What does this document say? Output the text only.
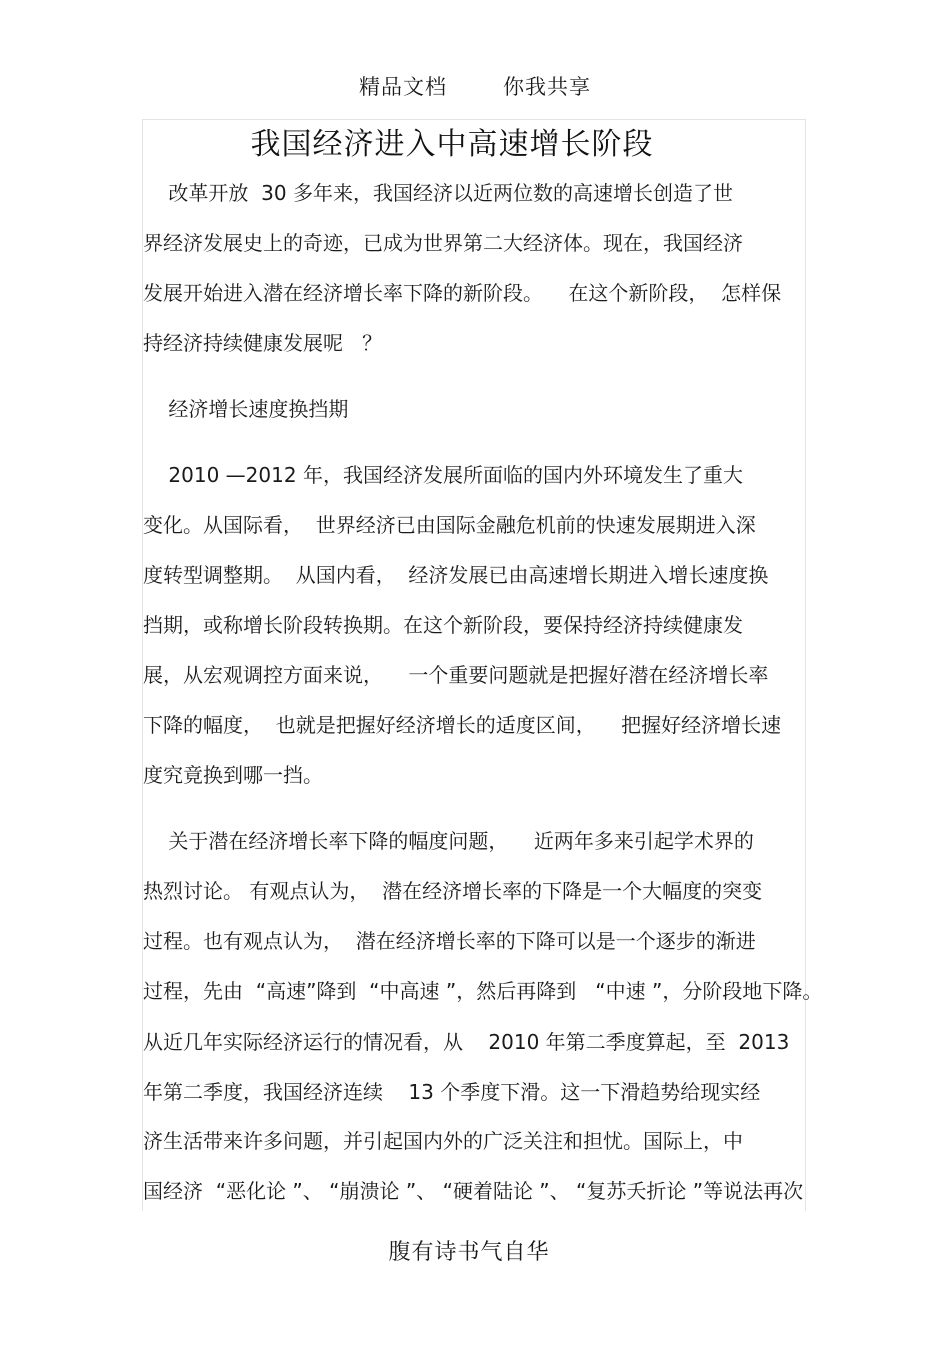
精品文档	你我共享
我国经济进入中高速增长阶段
改革开放  30 多年来，我国经济以近两位数的高速增长创造了世
界经济发展史上的奇迹，已成为世界第二大经济体。现在，我国经济
发展开始进入潜在经济增长率下降的新阶段。    在这个新阶段，  怎样保
持经济持续健康发展呢   ？
经济增长速度换挡期
2010 —2012 年，我国经济发展所面临的国内外环境发生了重大
变化。从国际看，  世界经济已由国际金融危机前的快速发展期进入深
度转型调整期。  从国内看，  经济发展已由高速增长期进入增长速度换
挡期，或称增长阶段转换期。在这个新阶段，要保持经济持续健康发
展，从宏观调控方面来说，    一个重要问题就是把握好潜在经济增长率
下降的幅度，  也就是把握好经济增长的适度区间，    把握好经济增长速
度究竟换到哪一挡。
关于潜在经济增长率下降的幅度问题，    近两年多来引起学术界的
热烈讨论。 有观点认为，  潜在经济增长率的下降是一个大幅度的突变
过程。也有观点认为，  潜在经济增长率的下降可以是一个逐步的渐进
过程，先由  “高速”降到  “中高速 ”，然后再降到   “中速 ”，分阶段地下降。
从近几年实际经济运行的情况看，从    2010 年第二季度算起，至  2013
年第二季度，我国经济连续    13 个季度下滑。这一下滑趋势给现实经
济生活带来许多问题，并引起国内外的广泛关注和担忧。国际上，中
国经济  “恶化论 ”、 “崩溃论 ”、 “硬着陆论 ”、 “复苏夭折论 ”等说法再次
腹有诗书气自华
